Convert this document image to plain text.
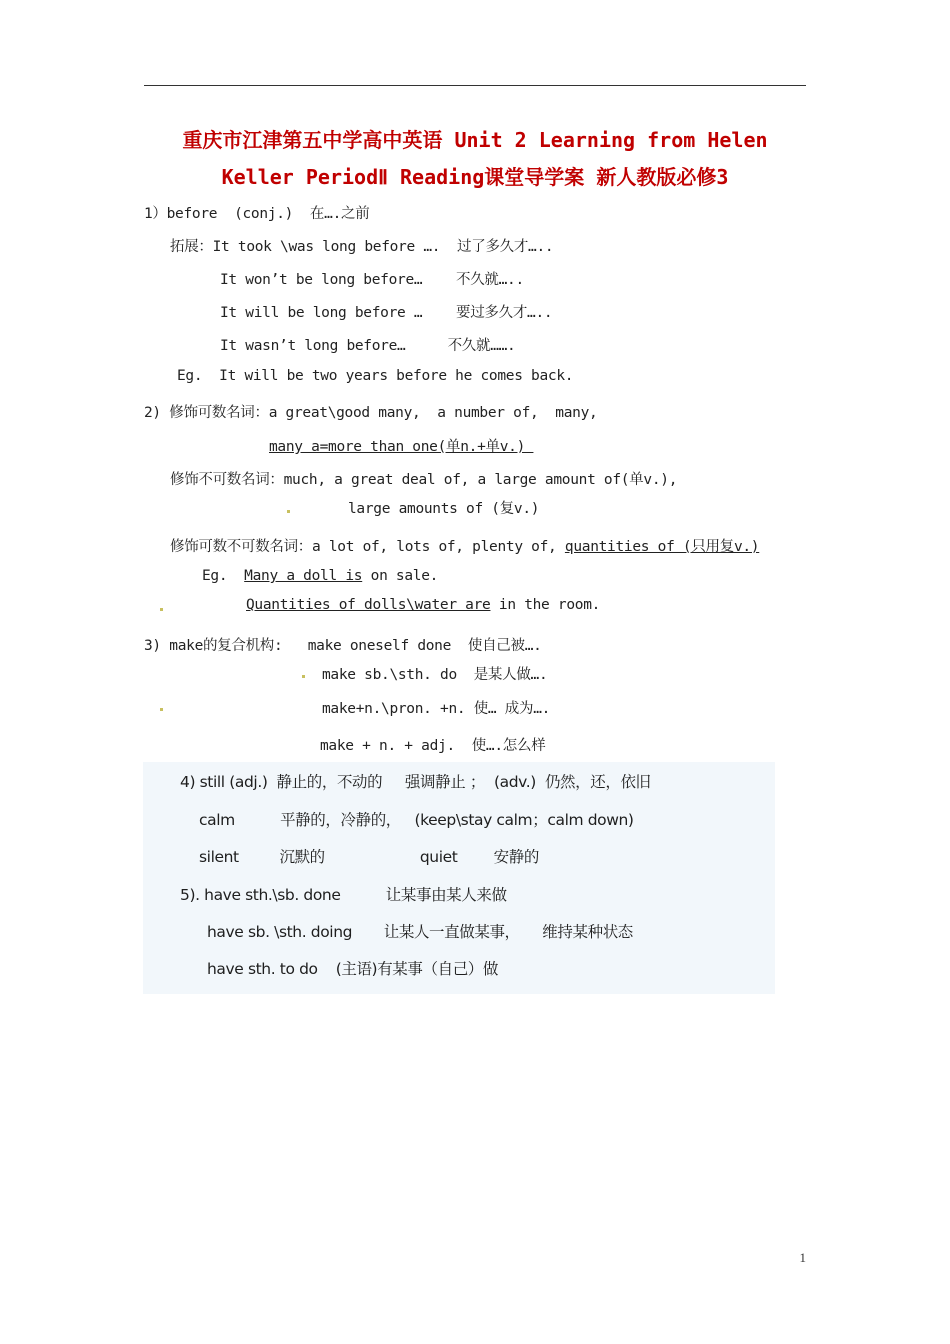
重庆市江津第五中学高中英语 Unit 2 Learning from Helen
Keller PeriodⅡ Reading课堂导学案 新人教版必修3
1）before  (conj.)  在….之前
拓展：It took \was long before ….  过了多久才…..
It won’t be long before…    不久就…..
It will be long before …    要过多久才…..
It wasn’t long before…     不久就…….
Eg.  It will be two years before he comes back.
2) 修饰可数名词：a great\good many,  a number of,  many,
many a=more than one(单n.+单v.)
修饰不可数名词：much, a great deal of, a large amount of(单v.),
large amounts of (复v.)
修饰可数不可数名词：a lot of, lots of, plenty of, quantities of (只用复v.)
Eg. Many a doll is on sale.
Quantities of dolls\water are in the room.
3) make的复合机构:   make oneself done  使自己被….
make sb.\sth. do  是某人做….
make+n.\pron. +n. 使… 成为….
make + n. + adj.  使….怎么样
4) still (adj.)  静止的，不动的     强调静止 ；  (adv.)  仍然，还，依旧
calm          平静的，冷静的，   (keep\stay calm；calm down)
silent         沉默的                     quiet        安静的
5). have sth.\sb. done          让某事由某人来做
have sb. \sth. doing       让某人一直做某事，     维持某种状态
have sth. to do    (主语)有某事（自己）做
1
